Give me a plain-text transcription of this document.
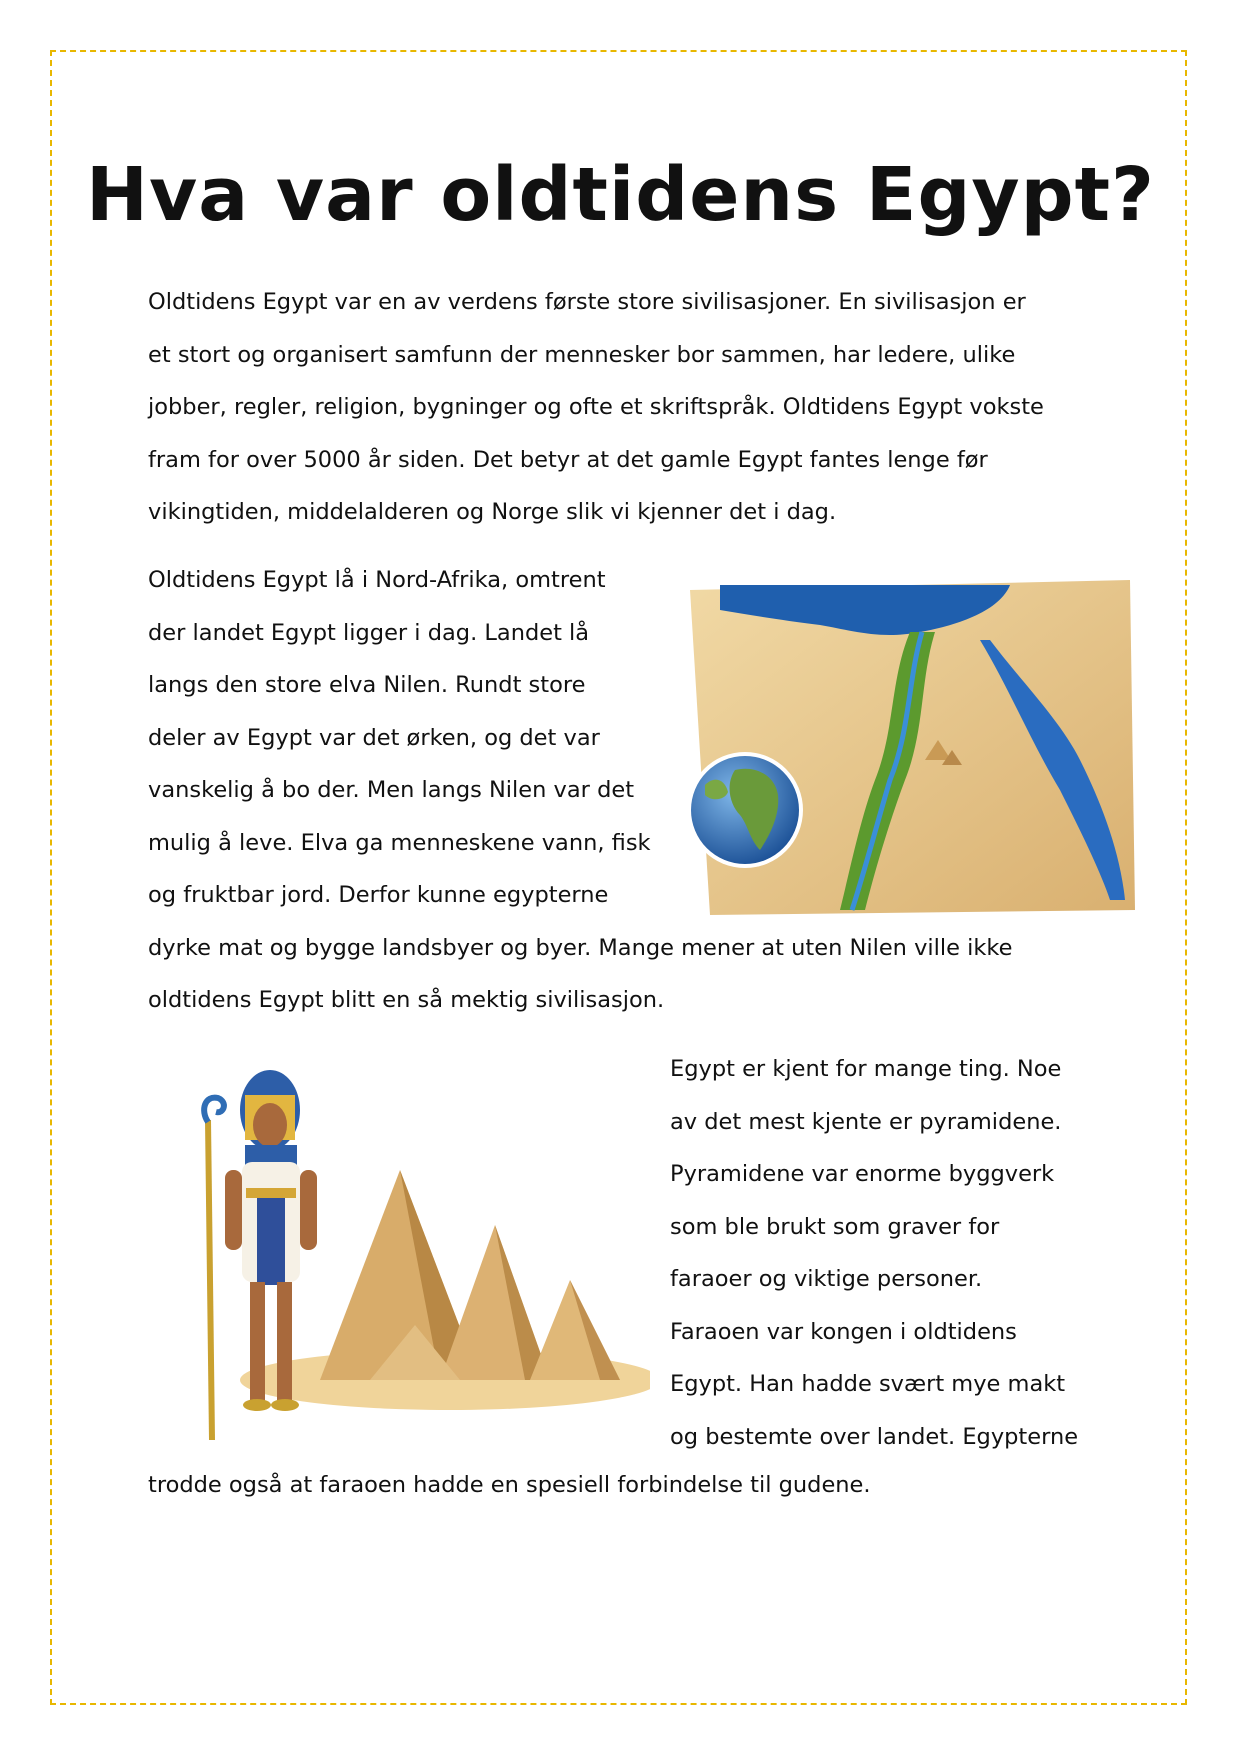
Hva var oldtidens Egypt?
Oldtidens Egypt var en av verdens første store sivilisasjoner. En sivilisasjon er
et stort og organisert samfunn der mennesker bor sammen, har ledere, ulike
jobber, regler, religion, bygninger og ofte et skriftspråk. Oldtidens Egypt vokste
fram for over 5000 år siden. Det betyr at det gamle Egypt fantes lenge før
vikingtiden, middelalderen og Norge slik vi kjenner det i dag.
Oldtidens Egypt lå i Nord-Afrika, omtrent
der landet Egypt ligger i dag. Landet lå
langs den store elva Nilen. Rundt store
deler av Egypt var det ørken, og det var
vanskelig å bo der. Men langs Nilen var det
mulig å leve. Elva ga menneskene vann, fisk
og fruktbar jord. Derfor kunne egypterne
dyrke mat og bygge landsbyer og byer. Mange mener at uten Nilen ville ikke
oldtidens Egypt blitt en så mektig sivilisasjon.
Egypt er kjent for mange ting. Noe
av det mest kjente er pyramidene.
Pyramidene var enorme byggverk
som ble brukt som graver for
faraoer og viktige personer.
Faraoen var kongen i oldtidens
Egypt. Han hadde svært mye makt
og bestemte over landet. Egypterne
trodde også at faraoen hadde en spesiell forbindelse til gudene.
